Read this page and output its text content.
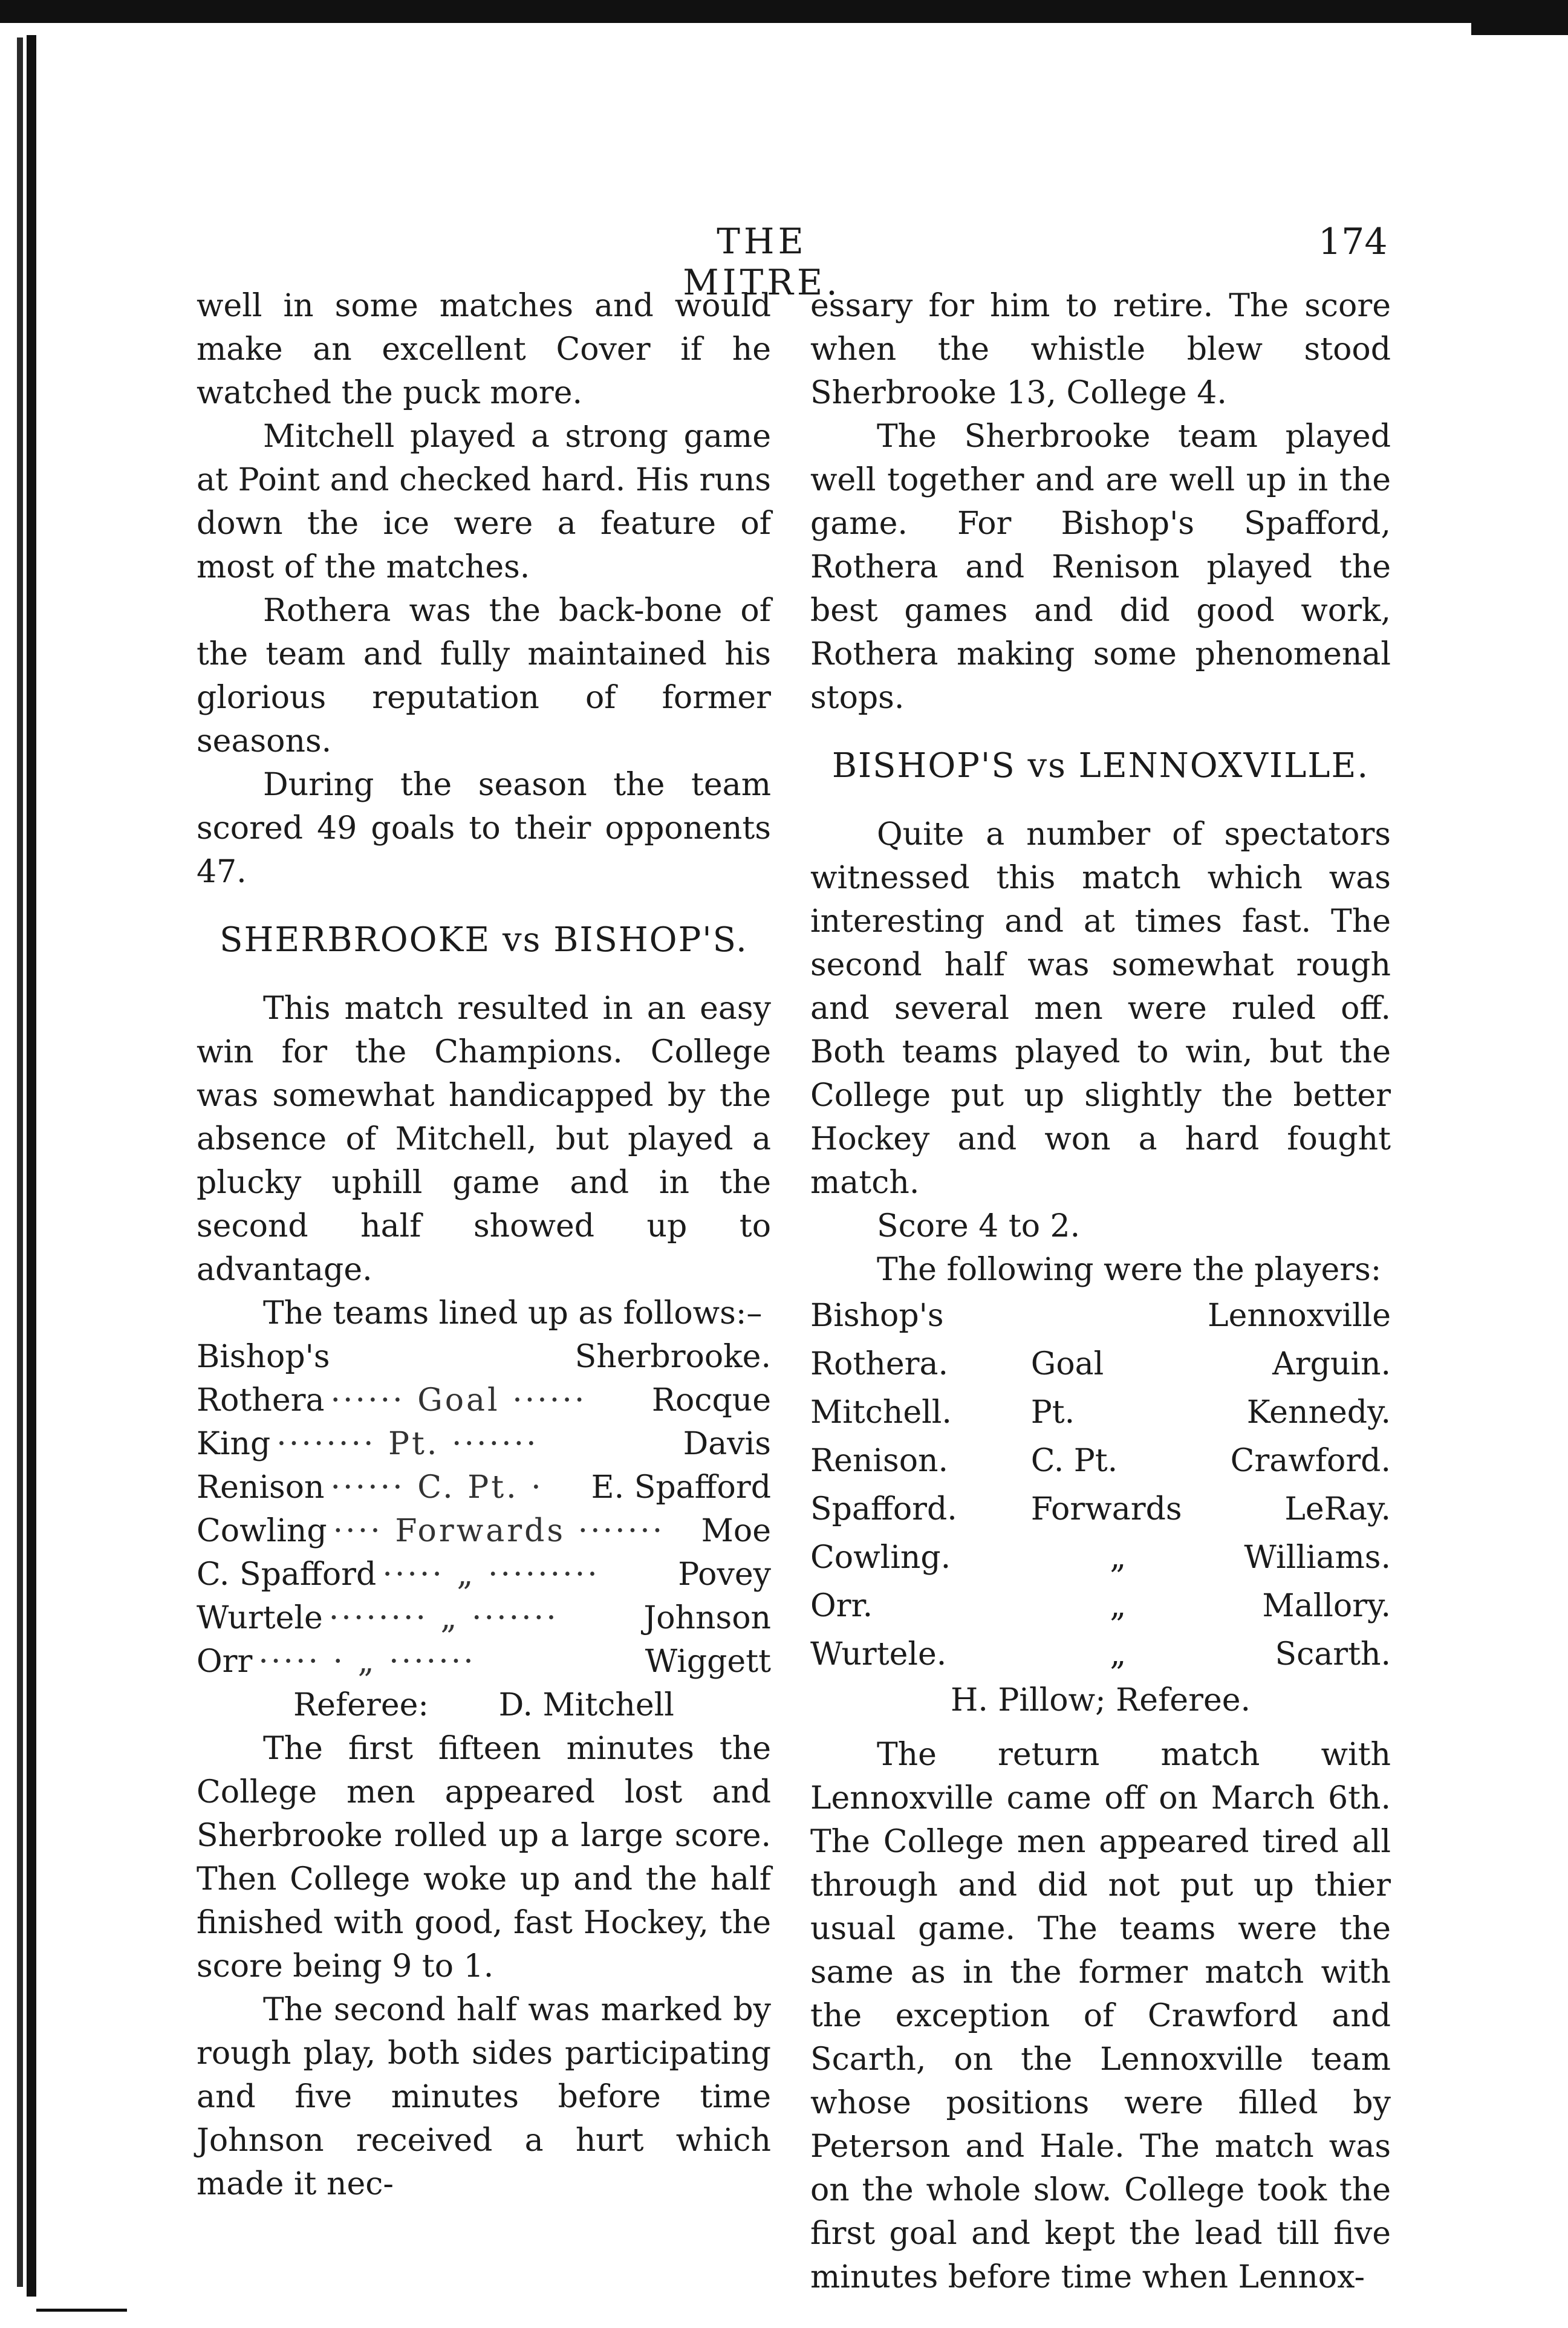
THE MITRE.
174

well in some matches and would make an excellent Cover if he watched the puck more.

Mitchell played a strong game at Point and checked hard. His runs down the ice were a feature of most of the matches.

Rothera was the back-bone of the team and fully maintained his glorious reputation of former seasons.

During the season the team scored 49 goals to their opponents 47.

SHERBROOKE vs BISHOP'S.

This match resulted in an easy win for the Champions. College was somewhat handicapped by the absence of Mitchell, but played a plucky uphill game and in the second half showed up to advantage.

The teams lined up as follows:–

Bishop's	Sherbrooke.
Rothera ······ Goal ······	Rocque
King ········ Pt. ·······	Davis
Renison ······ C. Pt. ·	E. Spafford
Cowling ···· Forwards ·······	Moe
C. Spafford ····· „ ·········	Povey
Wurtele ········ „ ·······	Johnson
Orr ····· · „ ·······	Wiggett
Referee: D. Mitchell

The first fifteen minutes the College men appeared lost and Sherbrooke rolled up a large score. Then College woke up and the half finished with good, fast Hockey, the score being 9 to 1.

The second half was marked by rough play, both sides participating and five minutes before time Johnson received a hurt which made it nec-

essary for him to retire. The score when the whistle blew stood Sherbrooke 13, College 4.

The Sherbrooke team played well together and are well up in the game. For Bishop's Spafford, Rothera and Renison played the best games and did good work, Rothera making some phenomenal stops.

BISHOP'S vs LENNOXVILLE.

Quite a number of spectators witnessed this match which was interesting and at times fast. The second half was somewhat rough and several men were ruled off. Both teams played to win, but the College put up slightly the better Hockey and won a hard fought match.

Score 4 to 2.

The following were the players:

Bishop's		Lennoxville
Rothera.	Goal	Arguin.
Mitchell.	Pt.	Kennedy.
Renison.	C. Pt.	Crawford.
Spafford.	Forwards	LeRay.
Cowling.	„	Williams.
Orr.	„	Mallory.
Wurtele.	„	Scarth.
H. Pillow; Referee.

The return match with Lennoxville came off on March 6th. The College men appeared tired all through and did not put up thier usual game. The teams were the same as in the former match with the exception of Crawford and Scarth, on the Lennoxville team whose positions were filled by Peterson and Hale. The match was on the whole slow. College took the first goal and kept the lead till five minutes before time when Lennox-
